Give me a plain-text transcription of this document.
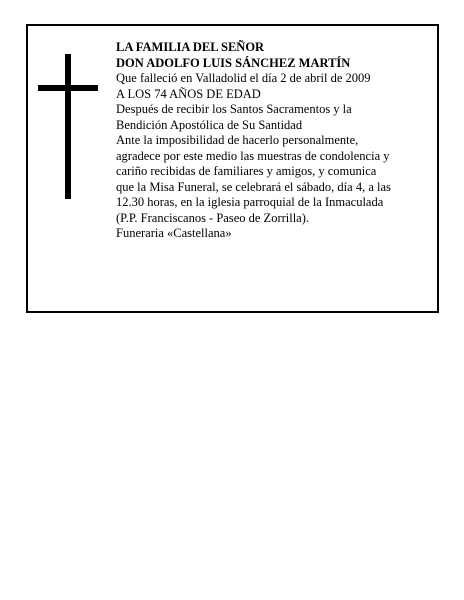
LA FAMILIA DEL SEÑOR
DON ADOLFO LUIS SÁNCHEZ MARTÍN
Que falleció en Valladolid el día 2 de abril de 2009
A LOS 74 AÑOS DE EDAD
Después de recibir los Santos Sacramentos y la
Bendición Apostólica de Su Santidad
Ante la imposibilidad de hacerlo personalmente,
agradece por este medio las muestras de condolencia y
cariño recibidas de familiares y amigos, y comunica
que la Misa Funeral, se celebrará el sábado, día 4, a las
12.30 horas, en la iglesia parroquial de la Inmaculada
(P.P. Franciscanos - Paseo de Zorrilla).
Funeraria «Castellana»
